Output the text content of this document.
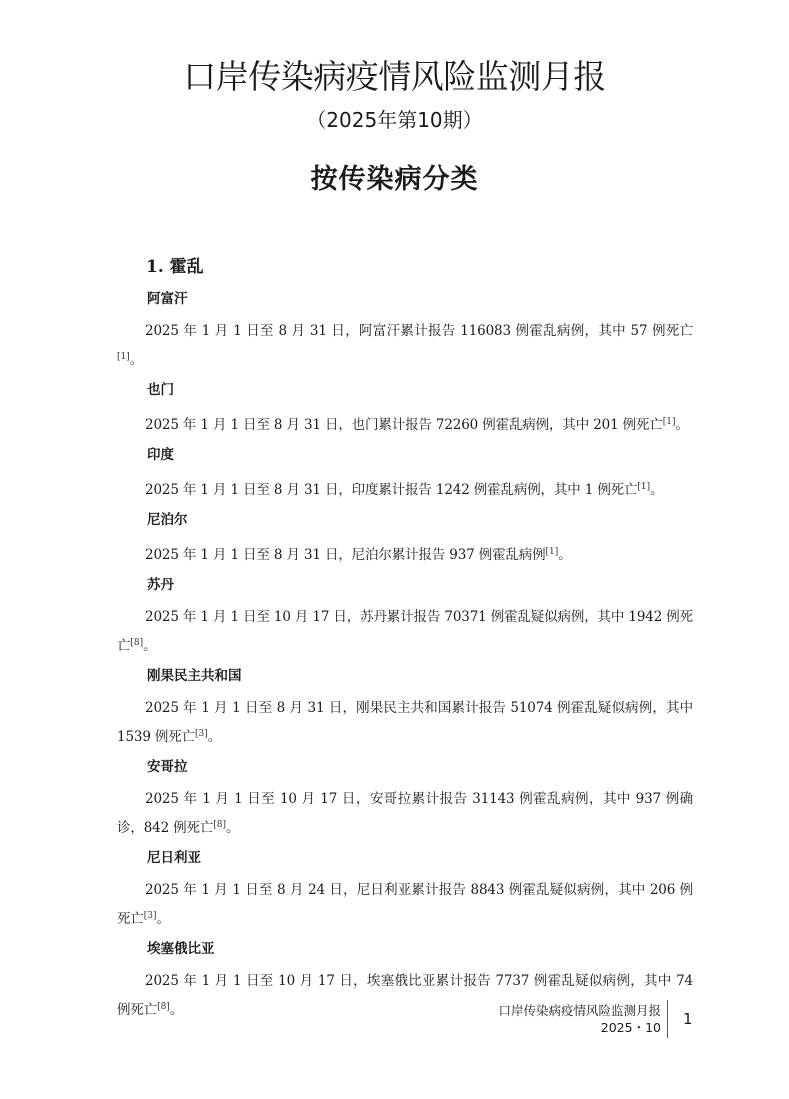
口岸传染病疫情风险监测月报
（2025年第10期）
按传染病分类
1. 霍乱
阿富汗
2025 年 1 月 1 日至 8 月 31 日，阿富汗累计报告 116083 例霍乱病例，其中 57 例死亡[1]。
也门
2025 年 1 月 1 日至 8 月 31 日，也门累计报告 72260 例霍乱病例，其中 201 例死亡[1]。
印度
2025 年 1 月 1 日至 8 月 31 日，印度累计报告 1242 例霍乱病例，其中 1 例死亡[1]。
尼泊尔
2025 年 1 月 1 日至 8 月 31 日，尼泊尔累计报告 937 例霍乱病例[1]。
苏丹
2025 年 1 月 1 日至 10 月 17 日，苏丹累计报告 70371 例霍乱疑似病例，其中 1942 例死亡[8]。
刚果民主共和国
2025 年 1 月 1 日至 8 月 31 日，刚果民主共和国累计报告 51074 例霍乱疑似病例，其中 1539 例死亡[3]。
安哥拉
2025 年 1 月 1 日至 10 月 17 日，安哥拉累计报告 31143 例霍乱病例，其中 937 例确诊，842 例死亡[8]。
尼日利亚
2025 年 1 月 1 日至 8 月 24 日，尼日利亚累计报告 8843 例霍乱疑似病例，其中 206 例死亡[3]。
埃塞俄比亚
2025 年 1 月 1 日至 10 月 17 日，埃塞俄比亚累计报告 7737 例霍乱疑似病例，其中 74 例死亡[8]。	口岸传染病疫情风险监测月报
2025・10 1
